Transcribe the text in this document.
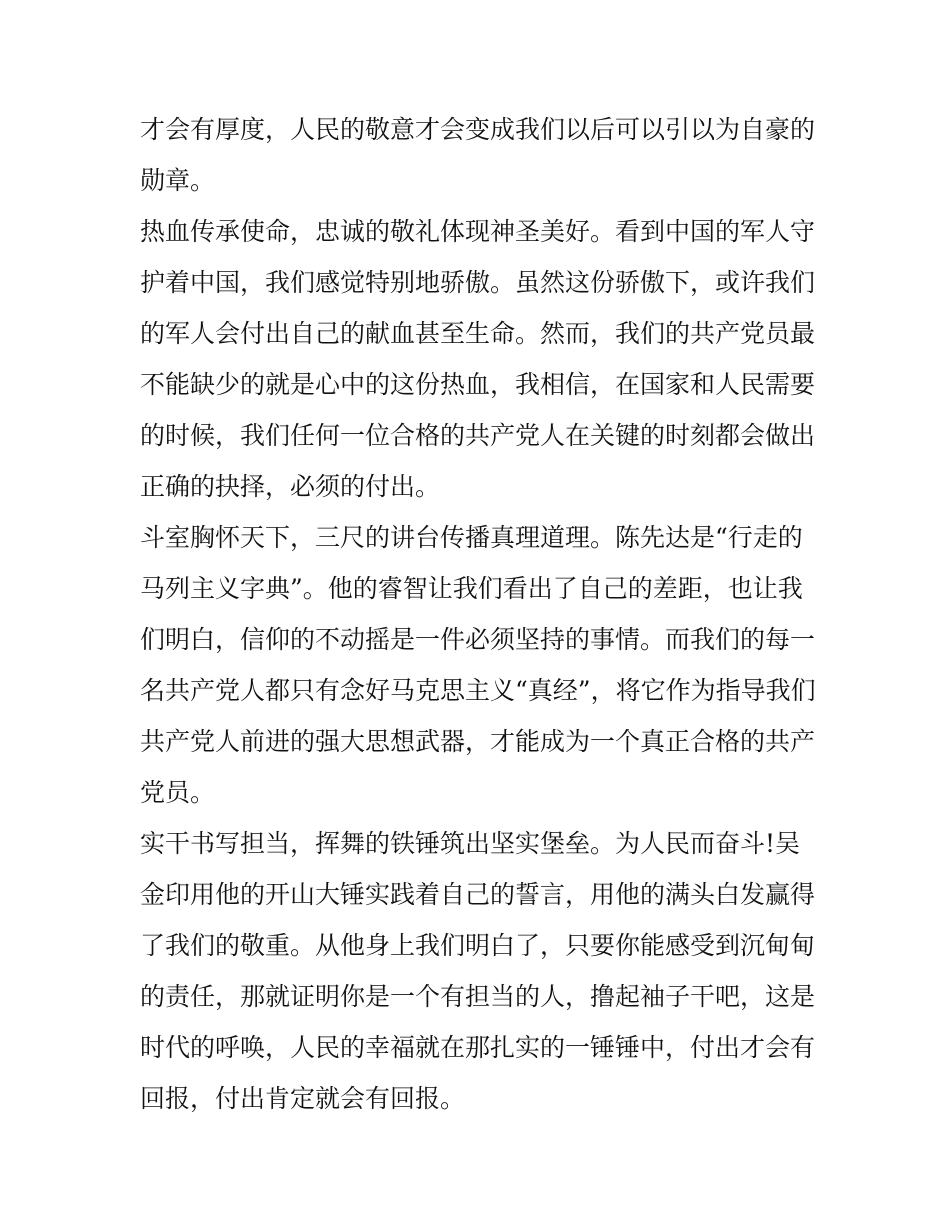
才会有厚度，人民的敬意才会变成我们以后可以引以为自豪的
勋章。
热血传承使命，忠诚的敬礼体现神圣美好。看到中国的军人守
护着中国，我们感觉特别地骄傲。虽然这份骄傲下，或许我们
的军人会付出自己的献血甚至生命。然而，我们的共产党员最
不能缺少的就是心中的这份热血，我相信，在国家和人民需要
的时候，我们任何一位合格的共产党人在关键的时刻都会做出
正确的抉择，必须的付出。
斗室胸怀天下，三尺的讲台传播真理道理。陈先达是“行走的
马列主义字典”。他的睿智让我们看出了自己的差距，也让我
们明白，信仰的不动摇是一件必须坚持的事情。而我们的每一
名共产党人都只有念好马克思主义“真经”，将它作为指导我们
共产党人前进的强大思想武器，才能成为一个真正合格的共产
党员。
实干书写担当，挥舞的铁锤筑出坚实堡垒。为人民而奋斗!吴
金印用他的开山大锤实践着自己的誓言，用他的满头白发赢得
了我们的敬重。从他身上我们明白了，只要你能感受到沉甸甸
的责任，那就证明你是一个有担当的人，撸起袖子干吧，这是
时代的呼唤，人民的幸福就在那扎实的一锤锤中，付出才会有
回报，付出肯定就会有回报。
